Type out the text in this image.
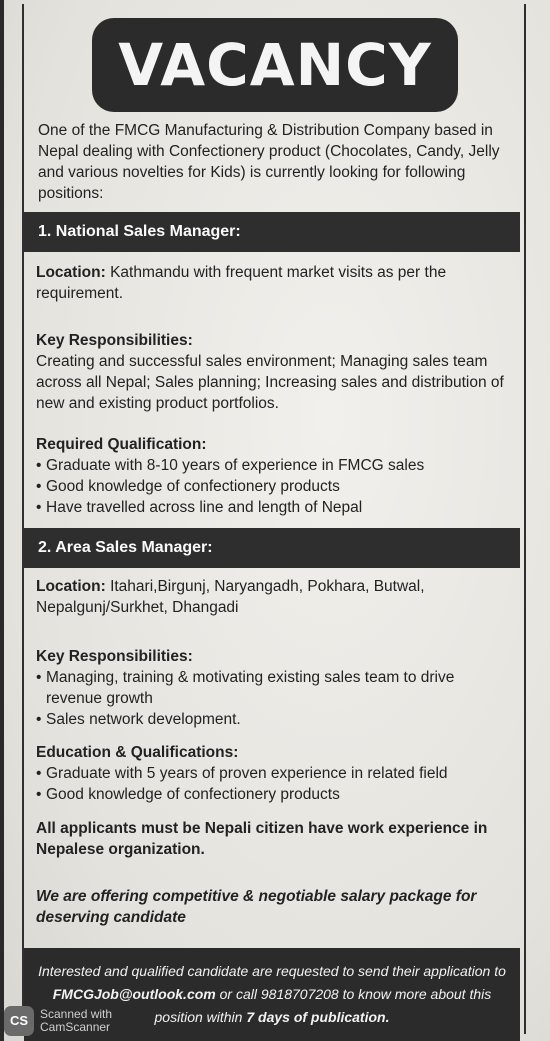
VACANCY
One of the FMCG Manufacturing & Distribution Company based in Nepal dealing with Confectionery product (Chocolates, Candy, Jelly and various novelties for Kids) is currently looking for following positions:
1. National Sales Manager:
Location: Kathmandu with frequent market visits as per the requirement.
Key Responsibilities:
Creating and successful sales environment; Managing sales team across all Nepal; Sales planning; Increasing sales and distribution of new and existing product portfolios.
Required Qualification:
• Graduate with 8-10 years of experience in FMCG sales
• Good knowledge of confectionery products
• Have travelled across line and length of Nepal
2. Area Sales Manager:
Location: Itahari,Birgunj, Naryangadh, Pokhara, Butwal, Nepalgunj/Surkhet, Dhangadi
Key Responsibilities:
• Managing, training & motivating existing sales team to drive revenue growth
• Sales network development.
Education & Qualifications:
• Graduate with 5 years of proven experience in related field
• Good knowledge of confectionery products
All applicants must be Nepali citizen have work experience in Nepalese organization.
We are offering competitive & negotiable salary package for deserving candidate
Interested and qualified candidate are requested to send their application to
FMCGJob@outlook.com or call 9818707208 to know more about this
position within 7 days of publication.
CS Scanned with
CamScanner
